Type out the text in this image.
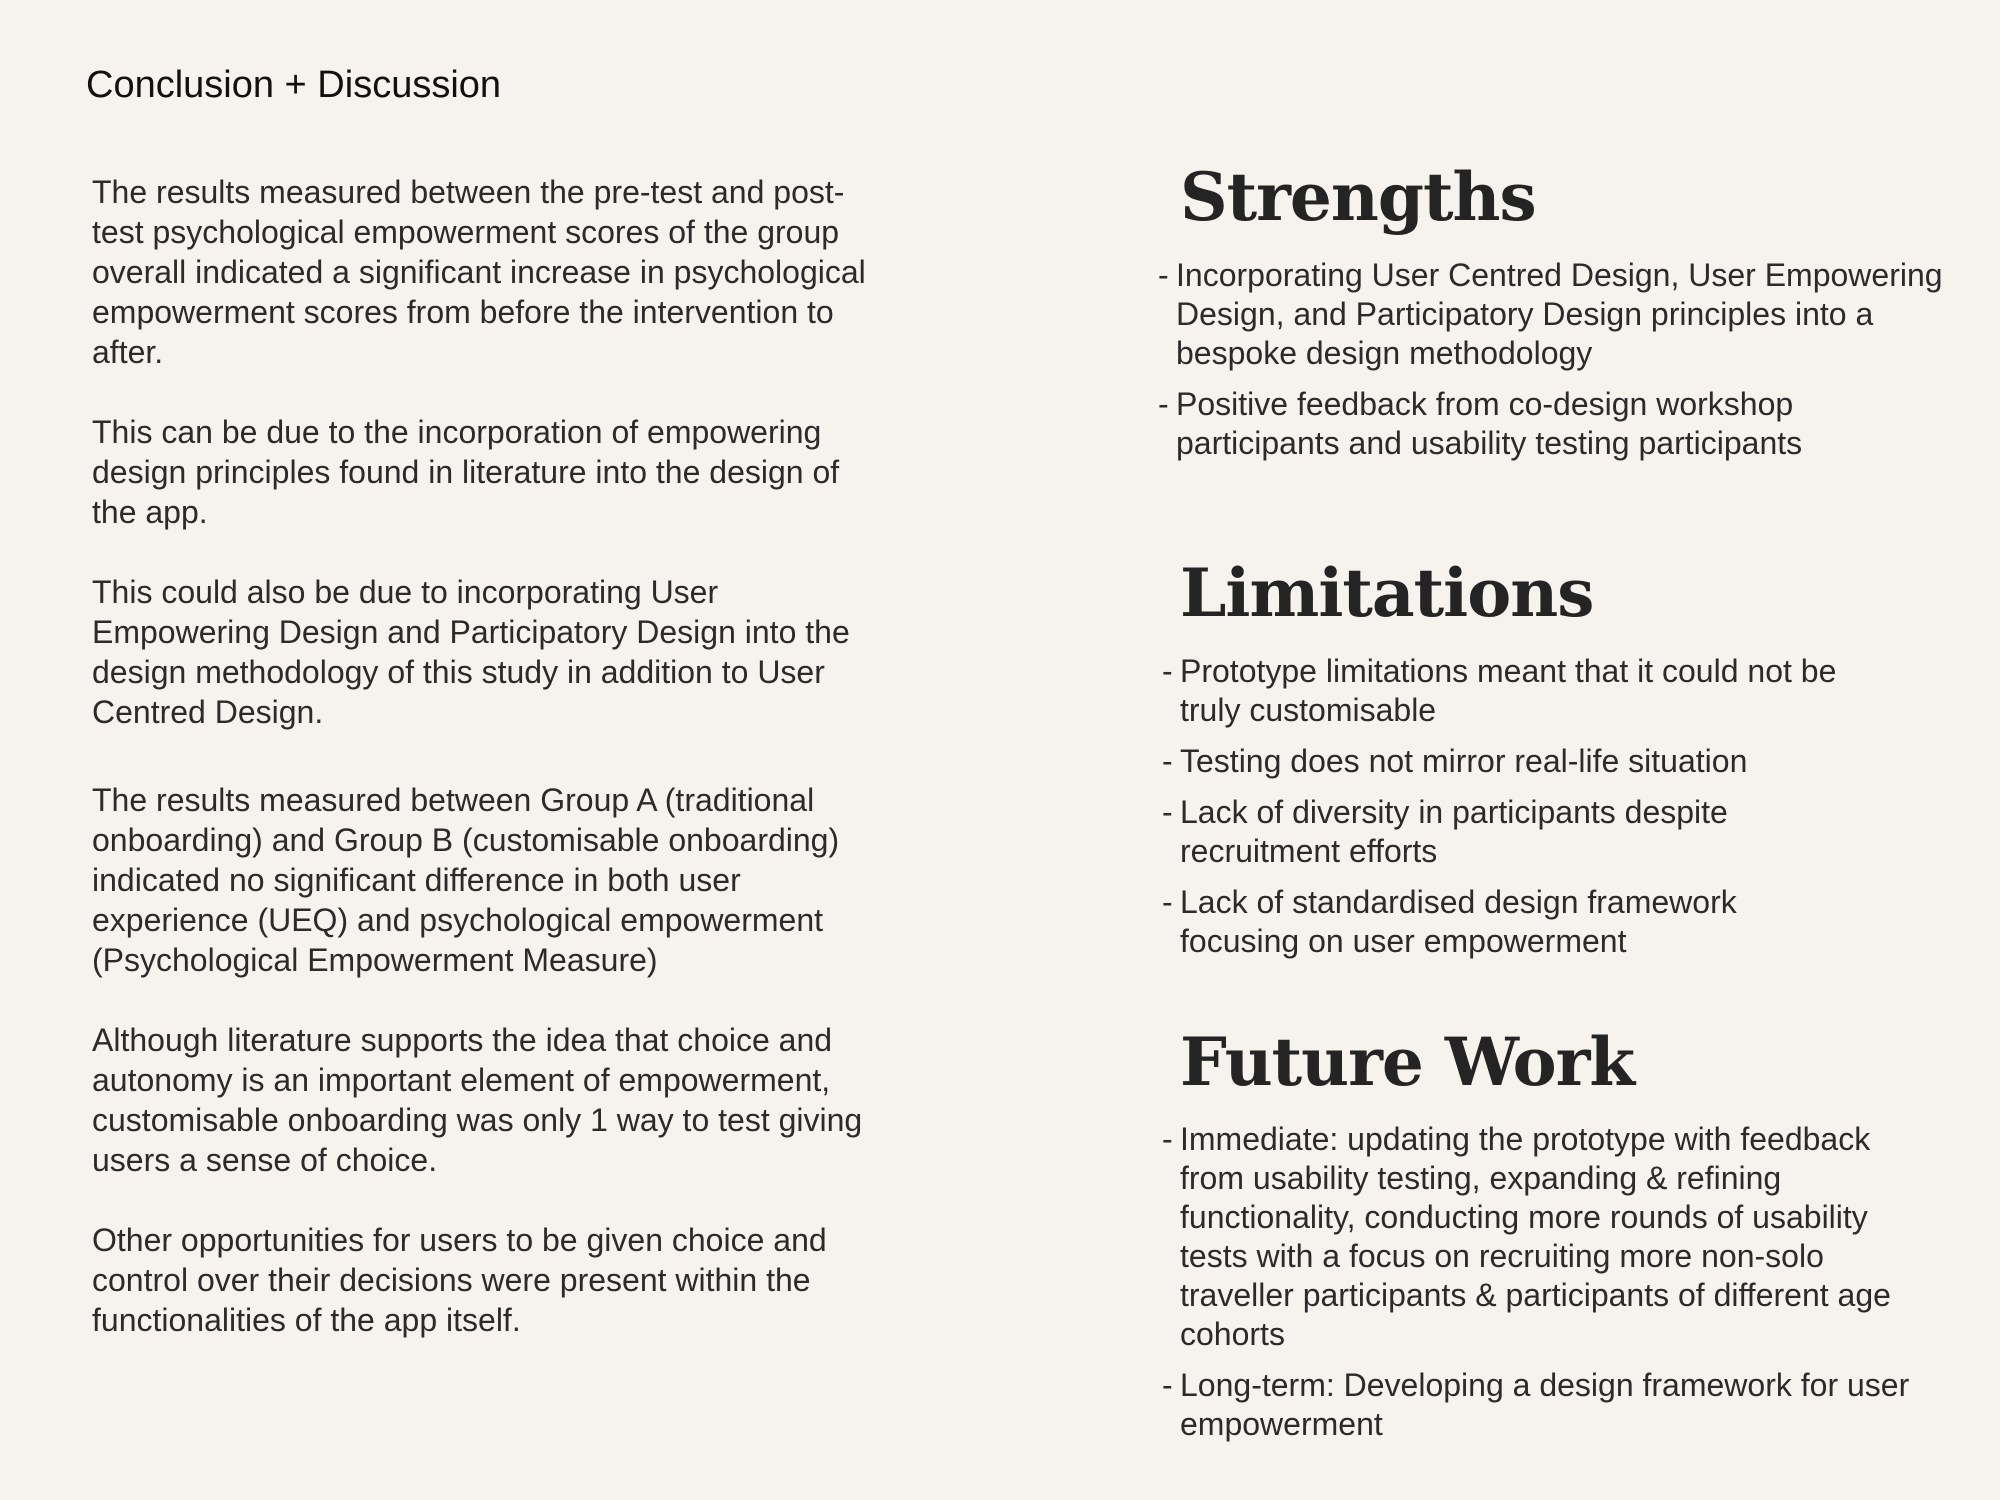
Conclusion + Discussion

The results measured between the pre-test and post-test psychological empowerment scores of the group overall indicated a significant increase in psychological empowerment scores from before the intervention to after.

This can be due to the incorporation of empowering design principles found in literature into the design of the app.

This could also be due to incorporating User Empowering Design and Participatory Design into the design methodology of this study in addition to User Centred Design.

The results measured between Group A (traditional onboarding) and Group B (customisable onboarding) indicated no significant difference in both user experience (UEQ) and psychological empowerment (Psychological Empowerment Measure)

Although literature supports the idea that choice and autonomy is an important element of empowerment, customisable onboarding was only 1 way to test giving users a sense of choice.

Other opportunities for users to be given choice and control over their decisions were present within the functionalities of the app itself.

Strengths
- Incorporating User Centred Design, User Empowering Design, and Participatory Design principles into a bespoke design methodology
- Positive feedback from co-design workshop participants and usability testing participants
Limitations
- Prototype limitations meant that it could not be truly customisable
- Testing does not mirror real-life situation
- Lack of diversity in participants despite recruitment efforts
- Lack of standardised design framework focusing on user empowerment
Future Work
- Immediate: updating the prototype with feedback from usability testing, expanding & refining functionality, conducting more rounds of usability tests with a focus on recruiting more non-solo traveller participants & participants of different age cohorts
- Long-term: Developing a design framework for user empowerment
